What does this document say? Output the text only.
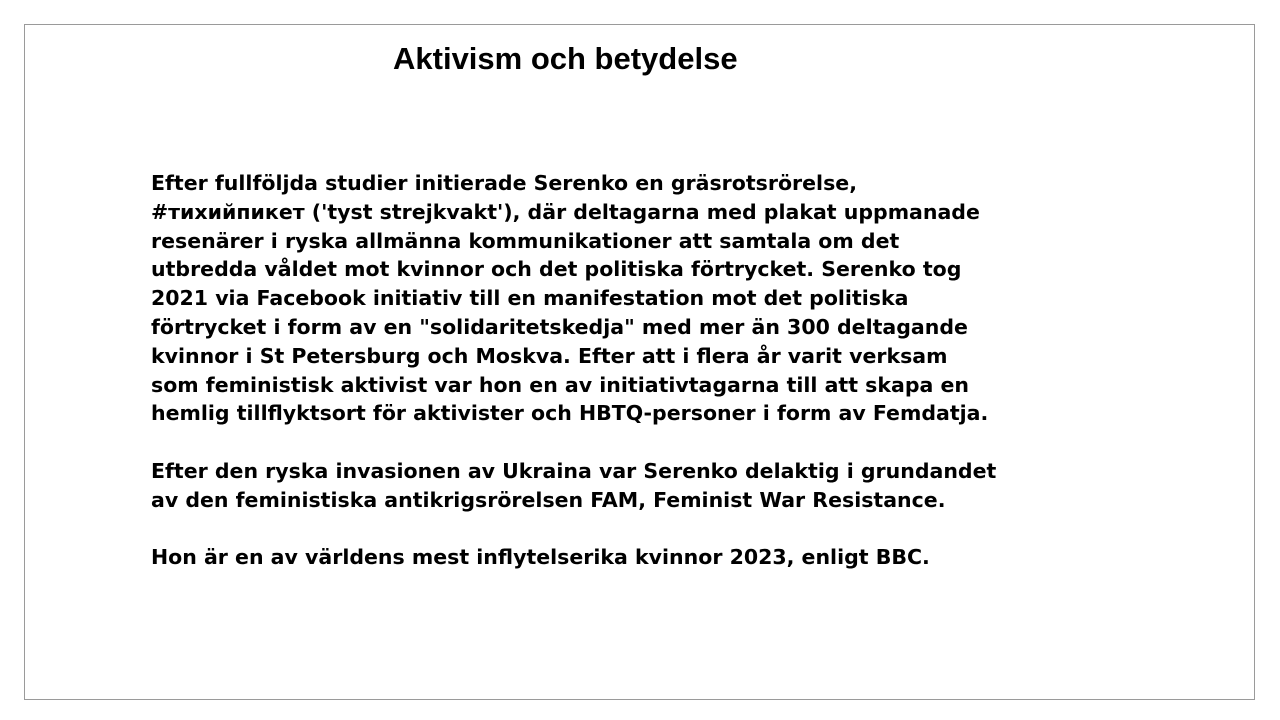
Aktivism och betydelse

Efter fullföljda studier initierade Serenko en gräsrotsrörelse,
#тихийпикет ('tyst strejkvakt'), där deltagarna med plakat uppmanade
resenärer i ryska allmänna kommunikationer att samtala om det
utbredda våldet mot kvinnor och det politiska förtrycket. Serenko tog
2021 via Facebook initiativ till en manifestation mot det politiska
förtrycket i form av en "solidaritetskedja" med mer än 300 deltagande
kvinnor i St Petersburg och Moskva. Efter att i flera år varit verksam
som feministisk aktivist var hon en av initiativtagarna till att skapa en
hemlig tillflyktsort för aktivister och HBTQ-personer i form av Femdatja.

Efter den ryska invasionen av Ukraina var Serenko delaktig i grundandet
av den feministiska antikrigsrörelsen FAM, Feminist War Resistance.

Hon är en av världens mest inflytelserika kvinnor 2023, enligt BBC.
